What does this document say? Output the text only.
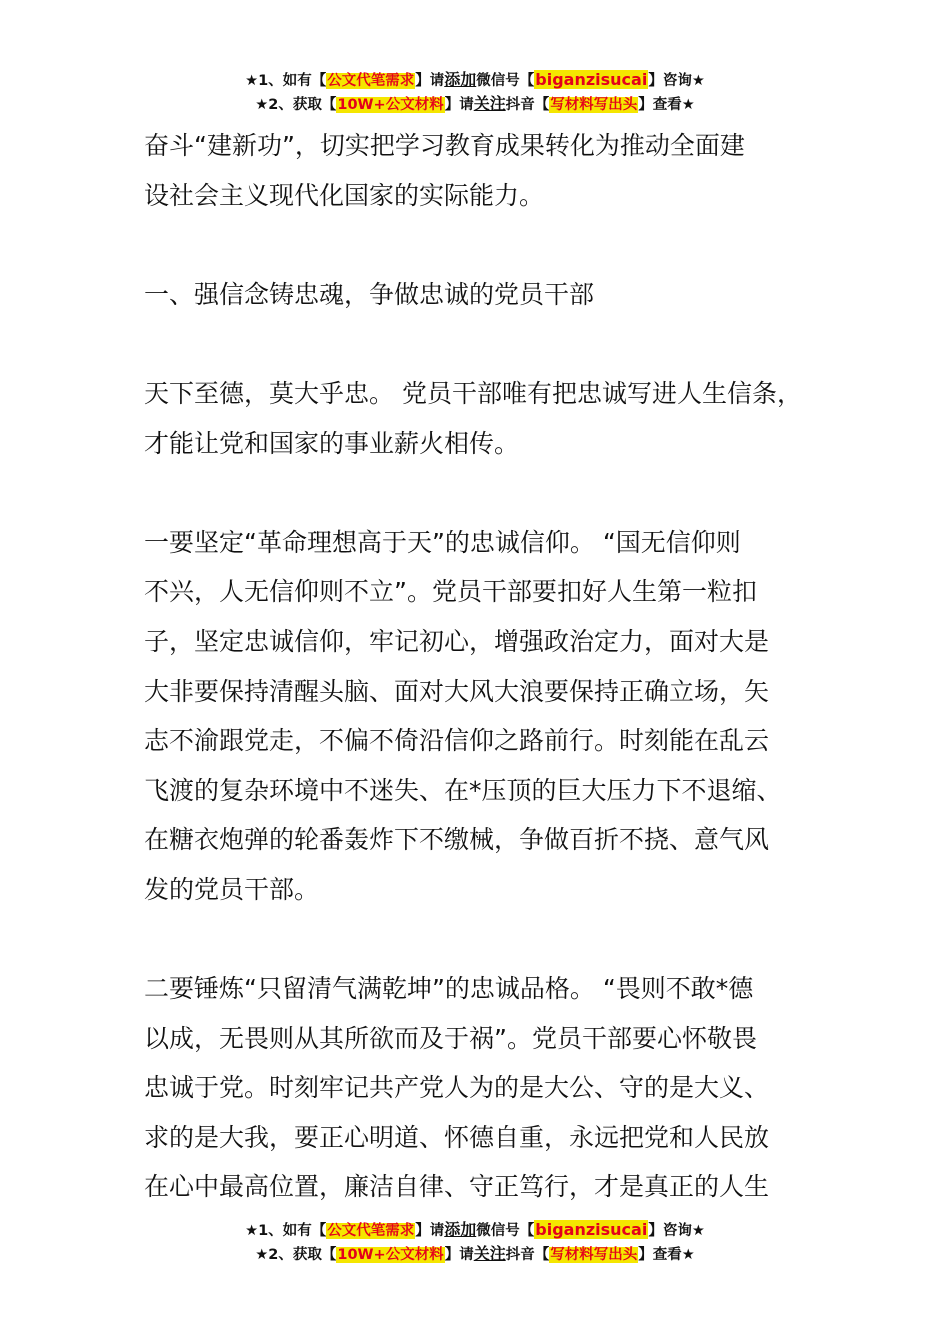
★1、如有【公文代笔需求】请添加微信号【biganzisucai】咨询★
★2、获取【10W+公文材料】请关注抖音【写材料写出头】查看★

奋斗“建新功”，切实把学习教育成果转化为推动全面建
设社会主义现代化国家的实际能力。

一、强信念铸忠魂，争做忠诚的党员干部

天下至德，莫大乎忠。 党员干部唯有把忠诚写进人生信条，
才能让党和国家的事业薪火相传。

一要坚定“革命理想高于天”的忠诚信仰。 “国无信仰则
不兴，人无信仰则不立”。党员干部要扣好人生第一粒扣
子，坚定忠诚信仰，牢记初心，增强政治定力，面对大是
大非要保持清醒头脑、面对大风大浪要保持正确立场，矢
志不渝跟党走，不偏不倚沿信仰之路前行。时刻能在乱云
飞渡的复杂环境中不迷失、在*压顶的巨大压力下不退缩、
在糖衣炮弹的轮番轰炸下不缴械，争做百折不挠、意气风
发的党员干部。

二要锤炼“只留清气满乾坤”的忠诚品格。 “畏则不敢*德
以成，无畏则从其所欲而及于祸”。党员干部要心怀敬畏
忠诚于党。时刻牢记共产党人为的是大公、守的是大义、
求的是大我，要正心明道、怀德自重，永远把党和人民放
在心中最高位置，廉洁自律、守正笃行，才是真正的人生

★1、如有【公文代笔需求】请添加微信号【biganzisucai】咨询★
★2、获取【10W+公文材料】请关注抖音【写材料写出头】查看★
